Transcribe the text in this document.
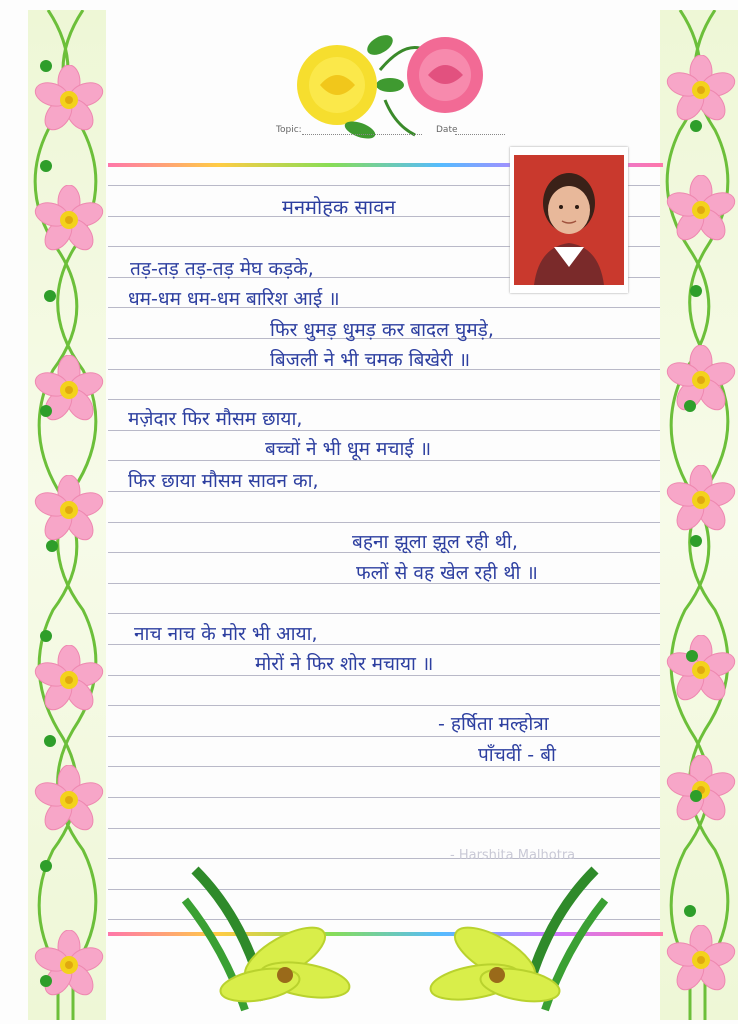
Topic:	Date
मनमोहक सावन
तड़-तड़ तड़-तड़ मेघ कड़के,
धम-धम धम-धम बारिश आई ॥
फिर धुमड़ धुमड़ कर बादल घुमड़े,
बिजली ने भी चमक बिखेरी ॥
मज़ेदार फिर मौसम छाया,
बच्चों ने भी धूम मचाई ॥
फिर छाया मौसम सावन का,
बहना झूला झूल रही थी,
फलों से वह खेल रही थी ॥
नाच नाच के मोर भी आया,
मोरों ने फिर शोर मचाया ॥
- हर्षिता मल्होत्रा
पाँचवीं - बी
- Harshita Malhotra
